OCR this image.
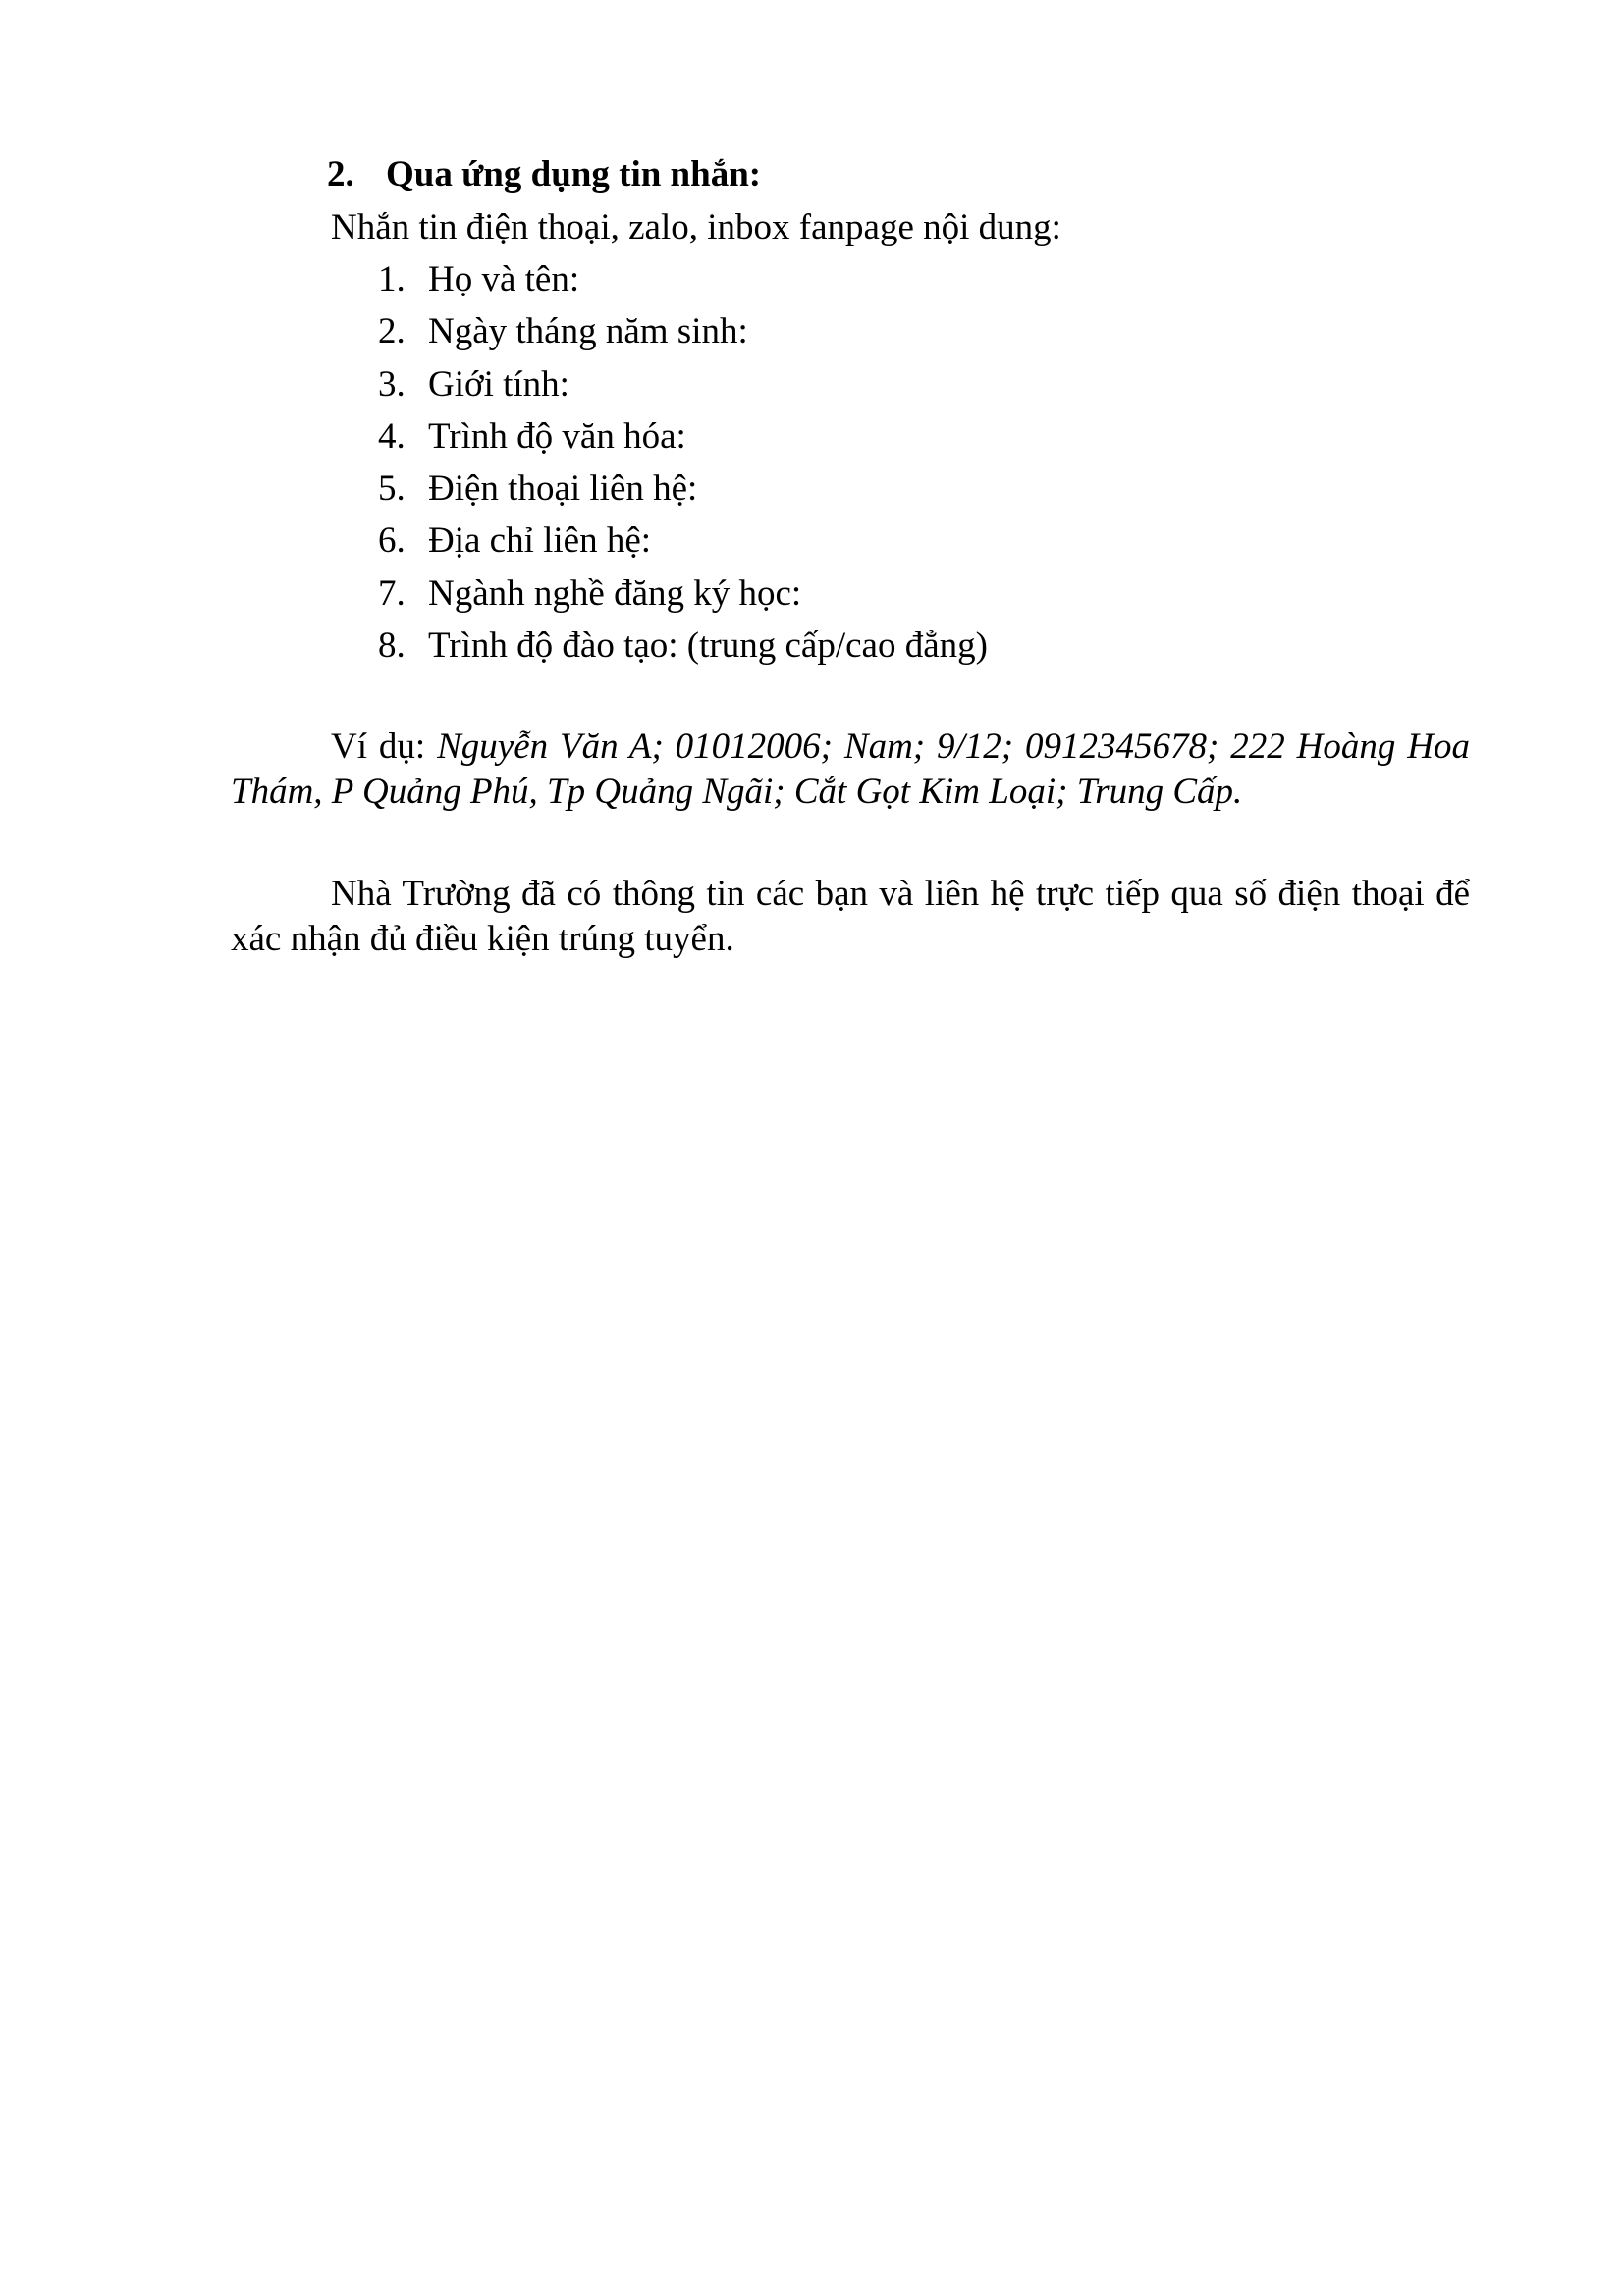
2. Qua ứng dụng tin nhắn:
Nhắn tin điện thoại, zalo, inbox fanpage nội dung:
1. Họ và tên:
2. Ngày tháng năm sinh:
3. Giới tính:
4. Trình độ văn hóa:
5. Điện thoại liên hệ:
6. Địa chỉ liên hệ:
7. Ngành nghề đăng ký học:
8. Trình độ đào tạo: (trung cấp/cao đẳng)

Ví dụ: Nguyễn Văn A; 01012006; Nam; 9/12; 0912345678; 222 Hoàng Hoa Thám, P Quảng Phú, Tp Quảng Ngãi; Cắt Gọt Kim Loại; Trung Cấp.

Nhà Trường đã có thông tin các bạn và liên hệ trực tiếp qua số điện thoại để xác nhận đủ điều kiện trúng tuyển.
